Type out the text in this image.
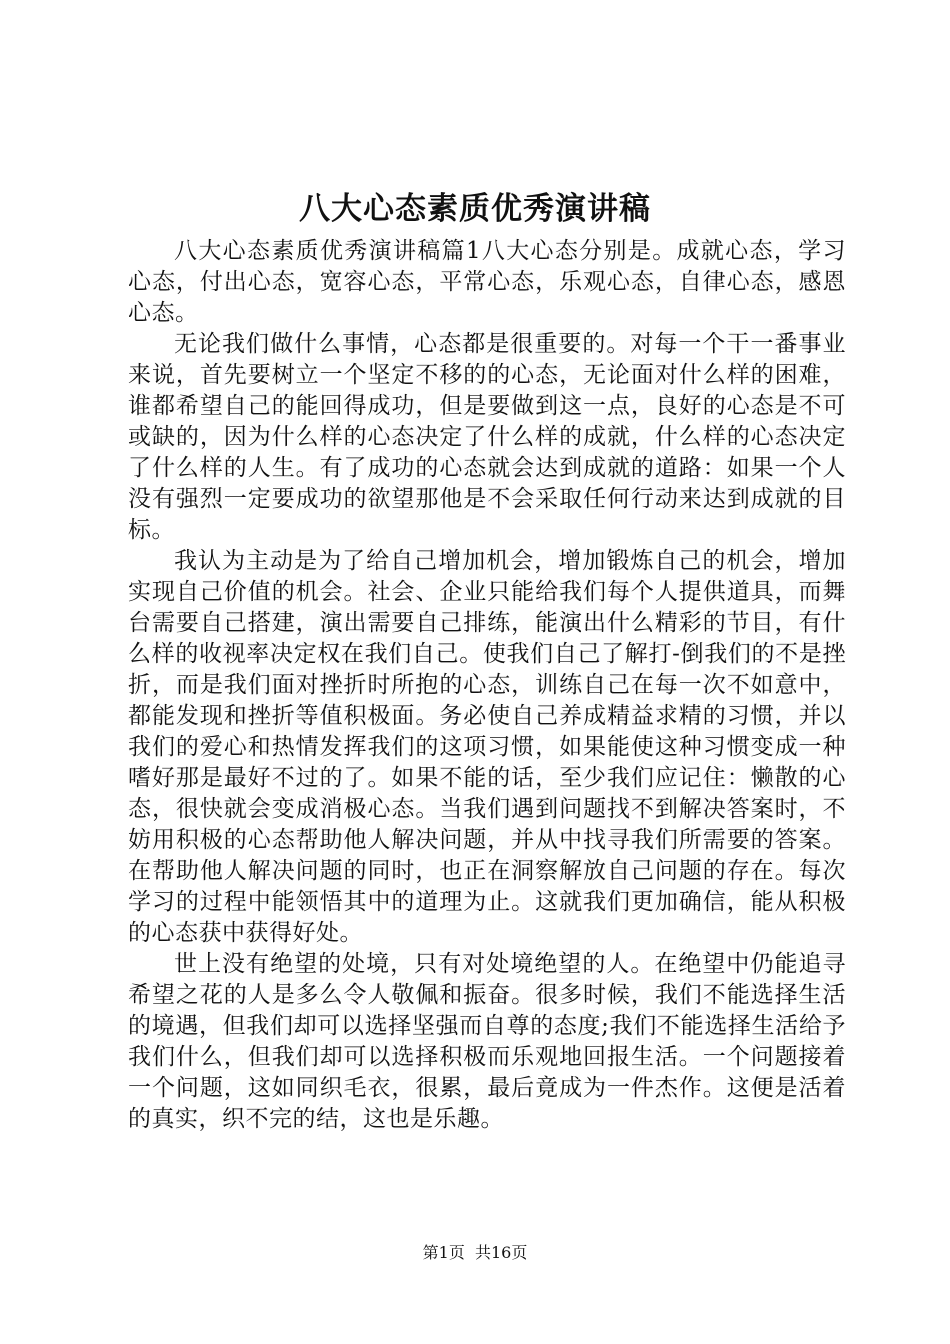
八大心态素质优秀演讲稿

八大心态素质优秀演讲稿篇1八大心态分别是。成就心态，学习心态，付出心态，宽容心态，平常心态，乐观心态，自律心态，感恩心态。

无论我们做什么事情，心态都是很重要的。对每一个干一番事业来说，首先要树立一个坚定不移的的心态，无论面对什么样的困难，谁都希望自己的能回得成功，但是要做到这一点，良好的心态是不可或缺的，因为什么样的心态决定了什么样的成就，什么样的心态决定了什么样的人生。有了成功的心态就会达到成就的道路：如果一个人没有强烈一定要成功的欲望那他是不会采取任何行动来达到成就的目标。

我认为主动是为了给自己增加机会，增加锻炼自己的机会，增加实现自己价值的机会。社会、企业只能给我们每个人提供道具，而舞台需要自己搭建，演出需要自己排练，能演出什么精彩的节目，有什么样的收视率决定权在我们自己。使我们自己了解打-倒我们的不是挫折，而是我们面对挫折时所抱的心态，训练自己在每一次不如意中，都能发现和挫折等值积极面。务必使自己养成精益求精的习惯，并以我们的爱心和热情发挥我们的这项习惯，如果能使这种习惯变成一种嗜好那是最好不过的了。如果不能的话，至少我们应记住：懒散的心态，很快就会变成消极心态。当我们遇到问题找不到解决答案时，不妨用积极的心态帮助他人解决问题，并从中找寻我们所需要的答案。在帮助他人解决问题的同时，也正在洞察解放自己问题的存在。每次学习的过程中能领悟其中的道理为止。这就我们更加确信，能从积极的心态获中获得好处。

世上没有绝望的处境，只有对处境绝望的人。在绝望中仍能追寻希望之花的人是多么令人敬佩和振奋。很多时候，我们不能选择生活的境遇，但我们却可以选择坚强而自尊的态度;我们不能选择生活给予我们什么，但我们却可以选择积极而乐观地回报生活。一个问题接着一个问题，这如同织毛衣，很累，最后竟成为一件杰作。这便是活着的真实，织不完的结，这也是乐趣。

第1页  共16页
